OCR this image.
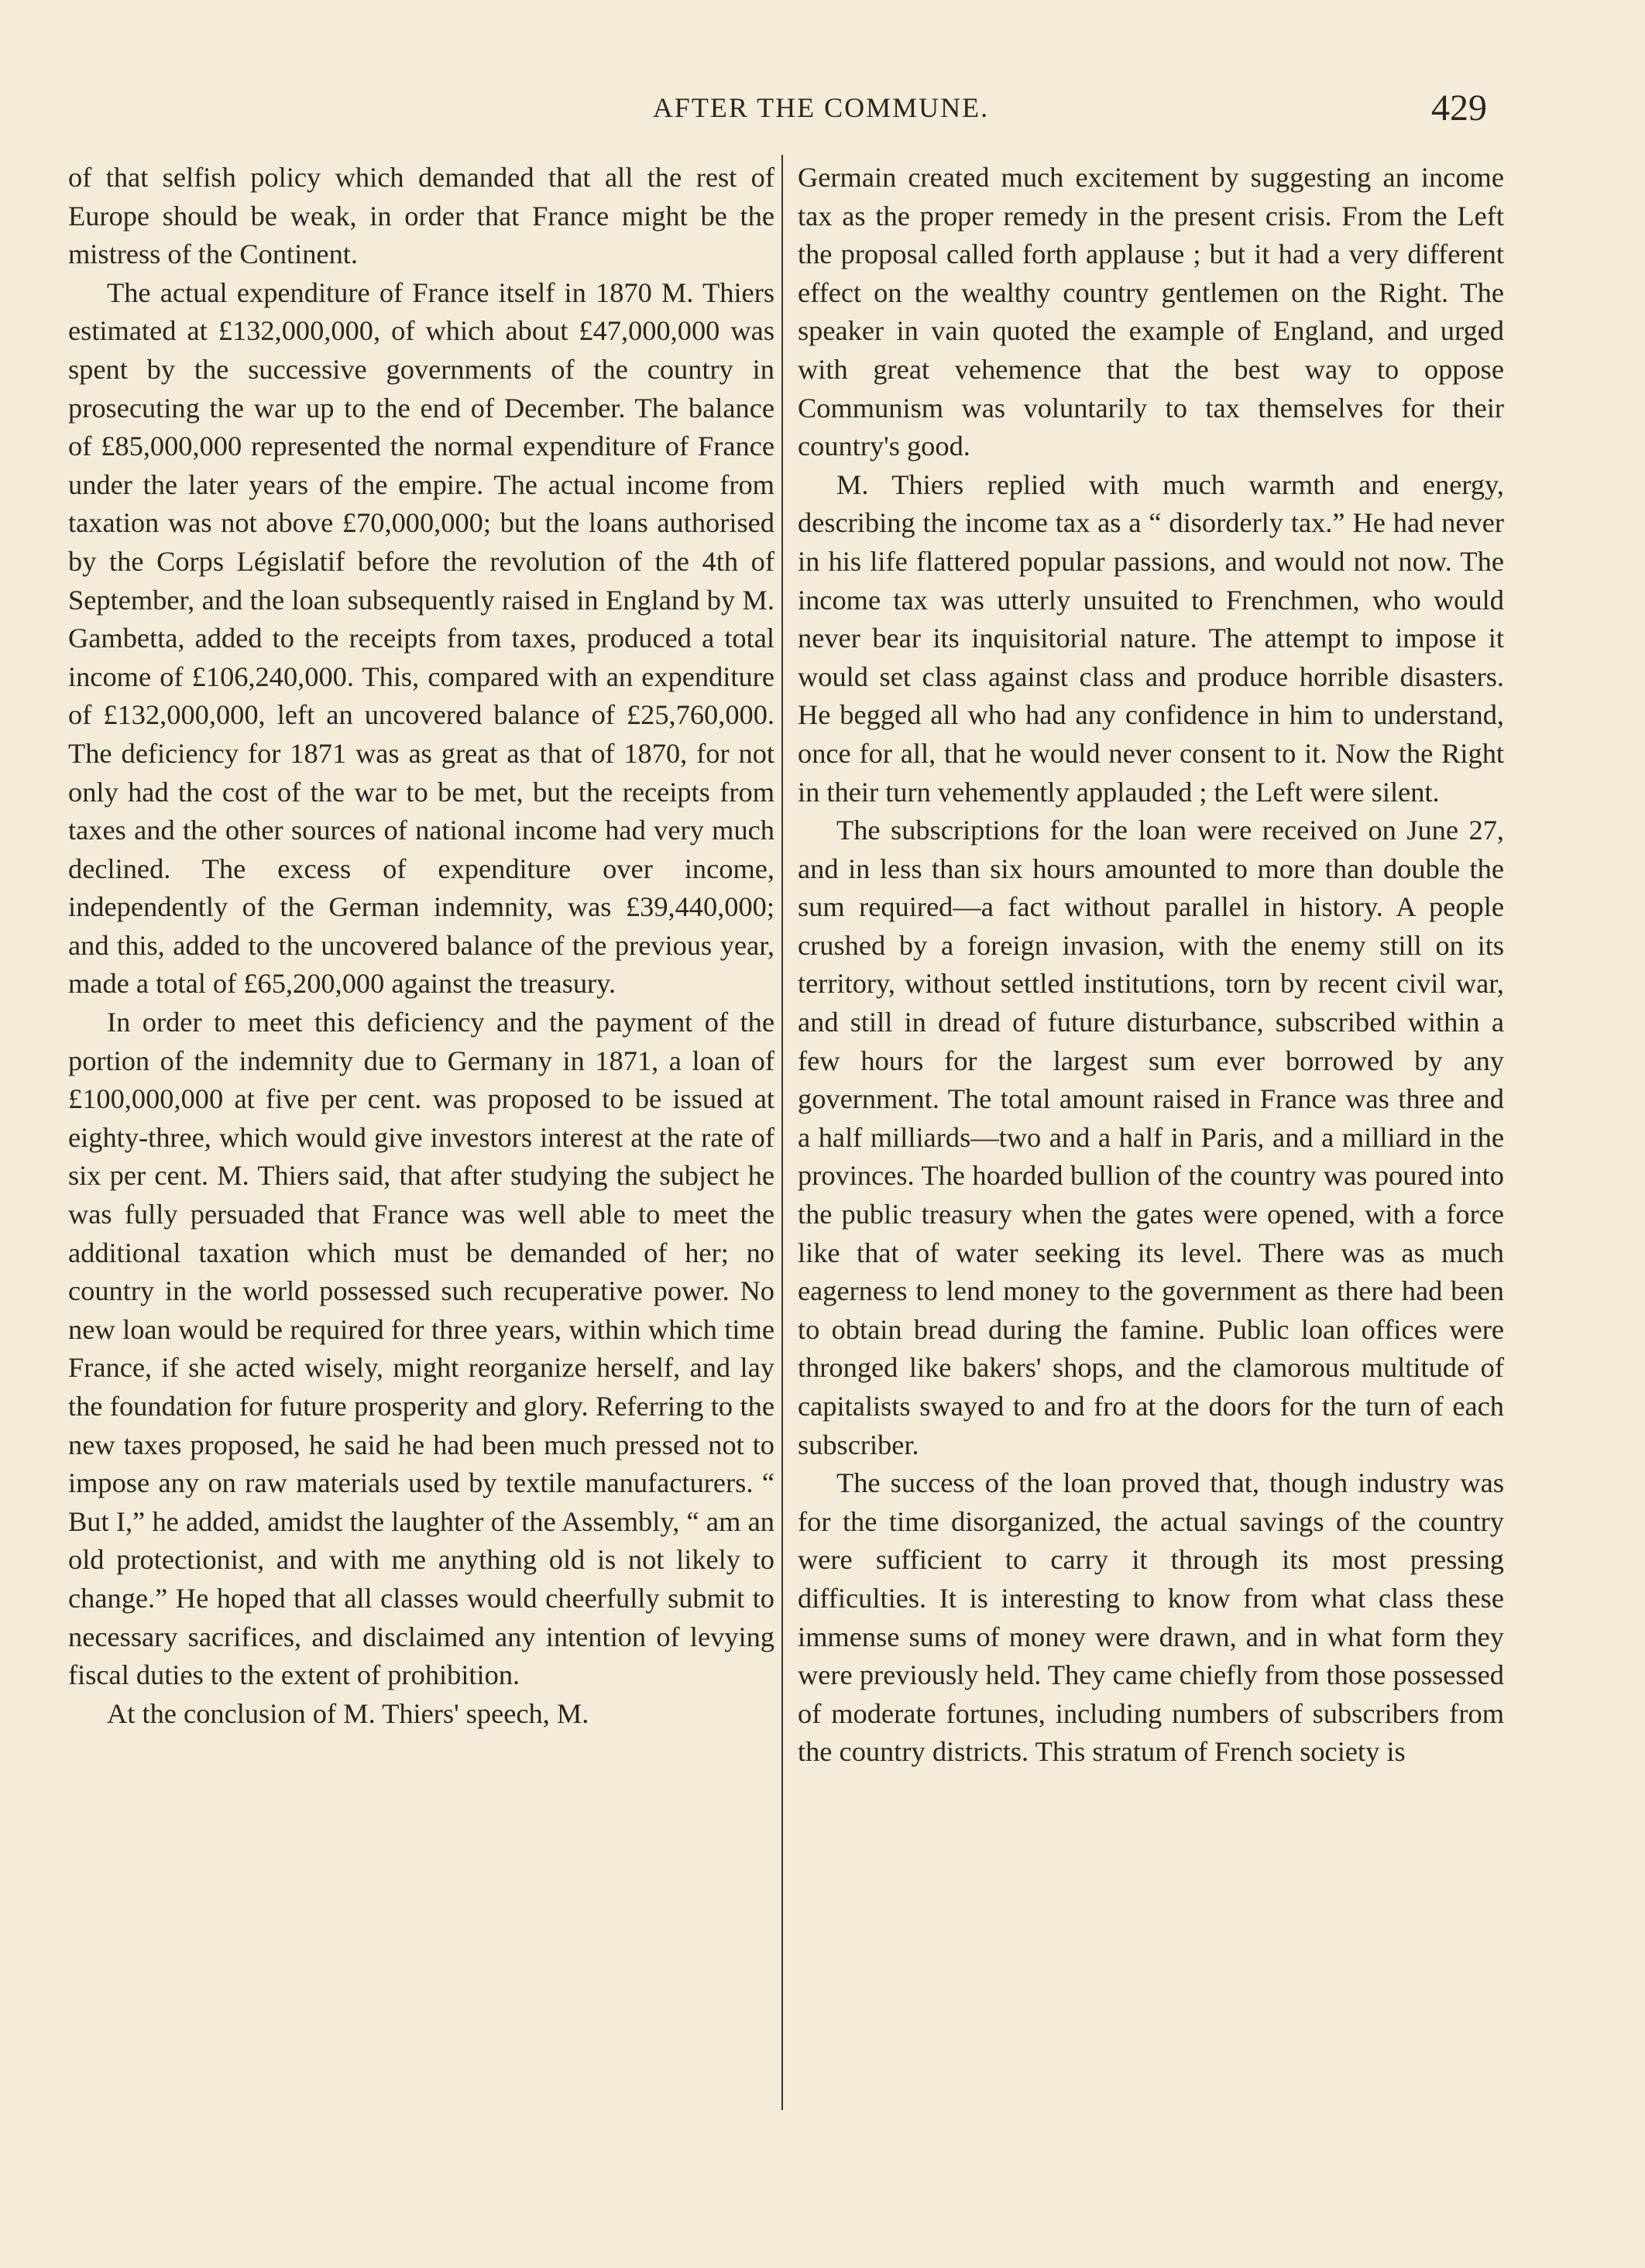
AFTER THE COMMUNE.	429

of that selfish policy which demanded that all the rest of Europe should be weak, in order that France might be the mistress of the Continent.

The actual expenditure of France itself in 1870 M. Thiers estimated at £132,000,000, of which about £47,000,000 was spent by the successive governments of the country in prosecuting the war up to the end of December. The balance of £85,000,000 represented the normal expenditure of France under the later years of the empire. The actual income from taxation was not above £70,000,000; but the loans authorised by the Corps Législatif before the revolution of the 4th of September, and the loan subsequently raised in England by M. Gambetta, added to the receipts from taxes, produced a total income of £106,240,000. This, compared with an expenditure of £132,000,000, left an uncovered balance of £25,760,000. The deficiency for 1871 was as great as that of 1870, for not only had the cost of the war to be met, but the receipts from taxes and the other sources of national income had very much declined. The excess of expenditure over income, independently of the German indemnity, was £39,440,000; and this, added to the uncovered balance of the previous year, made a total of £65,200,000 against the treasury.

In order to meet this deficiency and the payment of the portion of the indemnity due to Germany in 1871, a loan of £100,000,000 at five per cent. was proposed to be issued at eighty-three, which would give investors interest at the rate of six per cent. M. Thiers said, that after studying the subject he was fully persuaded that France was well able to meet the additional taxation which must be demanded of her; no country in the world possessed such recuperative power. No new loan would be required for three years, within which time France, if she acted wisely, might reorganize herself, and lay the foundation for future prosperity and glory. Referring to the new taxes proposed, he said he had been much pressed not to impose any on raw materials used by textile manufacturers. “ But I,” he added, amidst the laughter of the Assembly, “ am an old protectionist, and with me anything old is not likely to change.” He hoped that all classes would cheerfully submit to necessary sacrifices, and disclaimed any intention of levying fiscal duties to the extent of prohibition.

At the conclusion of M. Thiers' speech, M.

Germain created much excitement by suggesting an income tax as the proper remedy in the present crisis. From the Left the proposal called forth applause ; but it had a very different effect on the wealthy country gentlemen on the Right. The speaker in vain quoted the example of England, and urged with great vehemence that the best way to oppose Communism was voluntarily to tax themselves for their country's good.

M. Thiers replied with much warmth and energy, describing the income tax as a “ disorderly tax.” He had never in his life flattered popular passions, and would not now. The income tax was utterly unsuited to Frenchmen, who would never bear its inquisitorial nature. The attempt to impose it would set class against class and produce horrible disasters. He begged all who had any confidence in him to understand, once for all, that he would never consent to it. Now the Right in their turn vehemently applauded ; the Left were silent.

The subscriptions for the loan were received on June 27, and in less than six hours amounted to more than double the sum required—a fact without parallel in history. A people crushed by a foreign invasion, with the enemy still on its territory, without settled institutions, torn by recent civil war, and still in dread of future disturbance, subscribed within a few hours for the largest sum ever borrowed by any government. The total amount raised in France was three and a half milliards—two and a half in Paris, and a milliard in the provinces. The hoarded bullion of the country was poured into the public treasury when the gates were opened, with a force like that of water seeking its level. There was as much eagerness to lend money to the government as there had been to obtain bread during the famine. Public loan offices were thronged like bakers' shops, and the clamorous multitude of capitalists swayed to and fro at the doors for the turn of each subscriber.

The success of the loan proved that, though industry was for the time disorganized, the actual savings of the country were sufficient to carry it through its most pressing difficulties. It is interesting to know from what class these immense sums of money were drawn, and in what form they were previously held. They came chiefly from those possessed of moderate fortunes, including numbers of subscribers from the country districts. This stratum of French society is
